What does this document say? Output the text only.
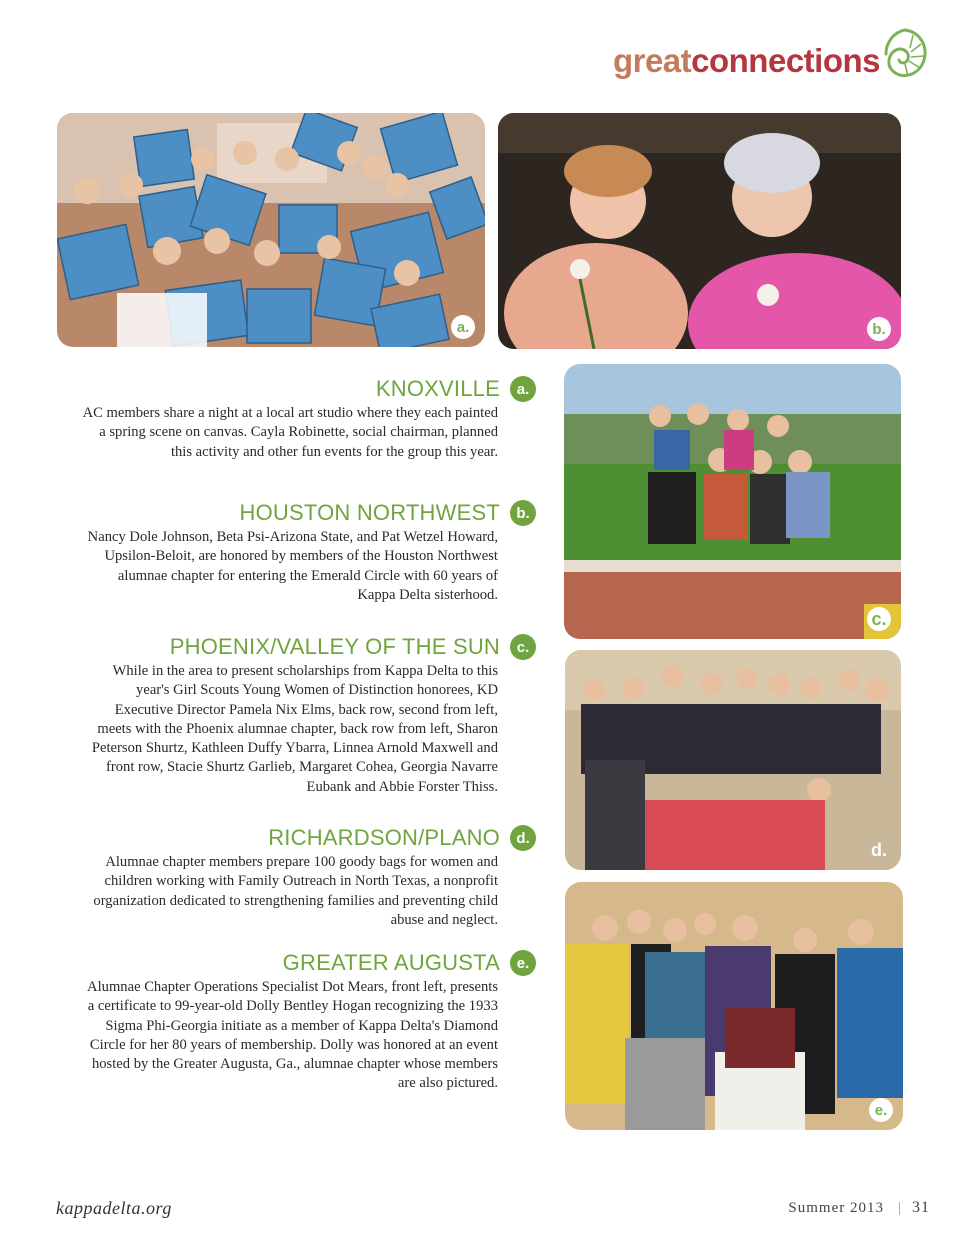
greatconnections
a.	b.
c.
d.
e.
KNOXVILLE	a.
AC members share a night at a local art studio where they each painted a spring scene on canvas. Cayla Robinette, social chairman, planned this activity and other fun events for the group this year.
HOUSTON NORTHWEST	b.
Nancy Dole Johnson, Beta Psi-Arizona State, and Pat Wetzel Howard, Upsilon-Beloit, are honored by members of the Houston Northwest alumnae chapter for entering the Emerald Circle with 60 years of Kappa Delta sisterhood.
PHOENIX/VALLEY OF THE SUN	c.
While in the area to present scholarships from Kappa Delta to this year's Girl Scouts Young Women of Distinction honorees, KD Executive Director Pamela Nix Elms, back row, second from left, meets with the Phoenix alumnae chapter, back row from left, Sharon Peterson Shurtz, Kathleen Duffy Ybarra, Linnea Arnold Maxwell and front row, Stacie Shurtz Garlieb, Margaret Cohea, Georgia Navarre Eubank and Abbie Forster Thiss.
RICHARDSON/PLANO	d.
Alumnae chapter members prepare 100 goody bags for women and children working with Family Outreach in North Texas, a nonprofit organization dedicated to strengthening families and preventing child abuse and neglect.
GREATER AUGUSTA	e.
Alumnae Chapter Operations Specialist Dot Mears, front left, presents a certificate to 99-year-old Dolly Bentley Hogan recognizing the 1933 Sigma Phi-Georgia initiate as a member of Kappa Delta's Diamond Circle for her 80 years of membership. Dolly was honored at an event hosted by the Greater Augusta, Ga., alumnae chapter whose members are also pictured.
kappadelta.org	Summer 2013 | 31
